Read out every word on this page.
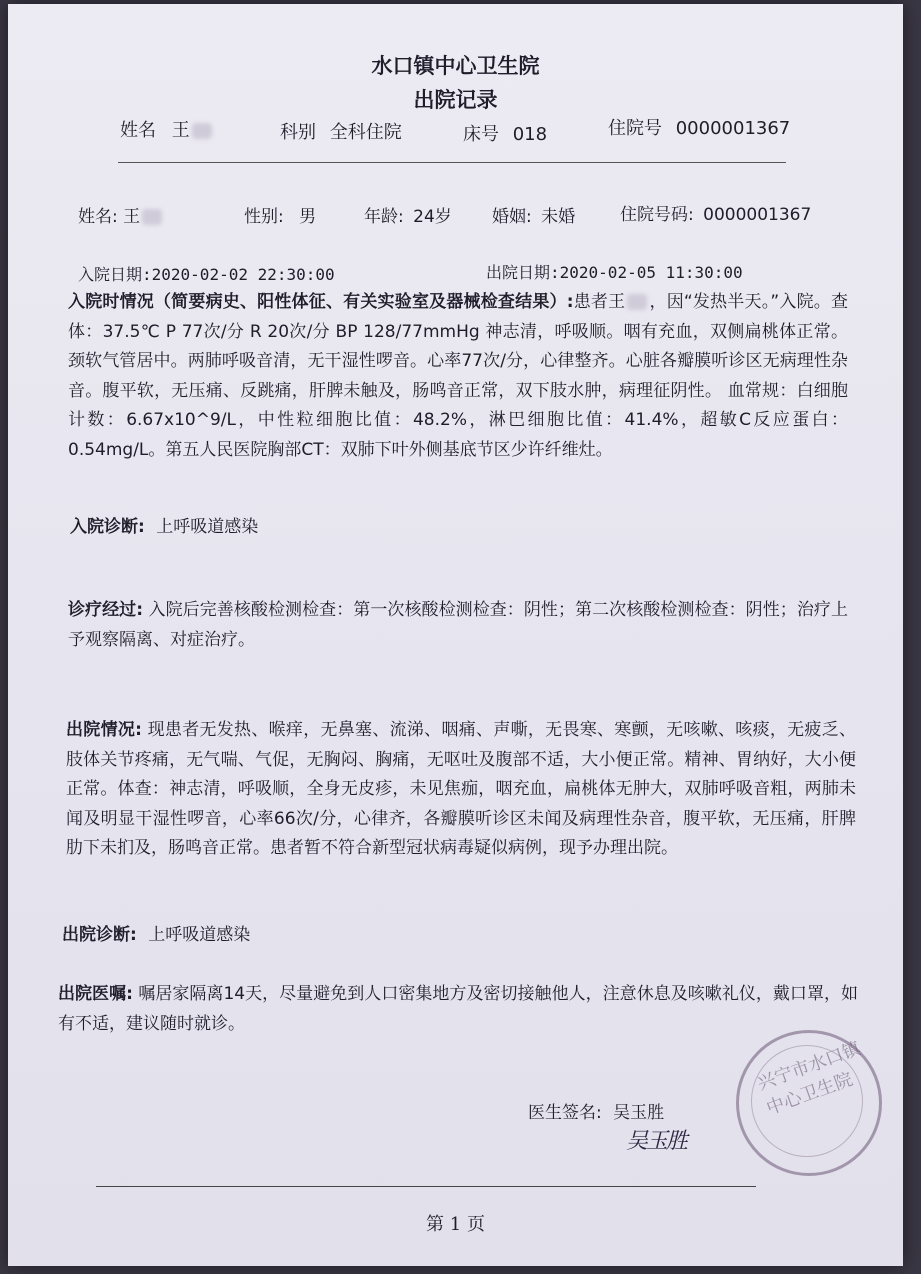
水口镇中心卫生院
出院记录
姓名 王	科别 全科住院	床号 018	住院号 0000001367
姓名: 王	性别: 男	年龄: 24岁 婚姻: 未婚	住院号码: 0000001367
入院日期:2020-02-02 22:30:00	出院日期:2020-02-05 11:30:00
入院时情况（简要病史、阳性体征、有关实验室及器械检查结果）:患者王 ，因“发热半天。”入院。查体：37.5℃ P 77次/分 R 20次/分 BP 128/77mmHg 神志清，呼吸顺。咽有充血，双侧扁桃体正常。颈软气管居中。两肺呼吸音清，无干湿性啰音。心率77次/分，心律整齐。心脏各瓣膜听诊区无病理性杂音。腹平软，无压痛、反跳痛，肝脾未触及，肠鸣音正常，双下肢水肿，病理征阴性。 血常规：白细胞计数：6.67x10^9/L，中性粒细胞比值：48.2%，淋巴细胞比值：41.4%，超敏C反应蛋白：0.54mg/L。第五人民医院胸部CT：双肺下叶外侧基底节区少许纤维灶。
入院诊断: 上呼吸道感染
诊疗经过: 入院后完善核酸检测检查：第一次核酸检测检查：阴性；第二次核酸检测检查：阴性；治疗上予观察隔离、对症治疗。
出院情况: 现患者无发热、喉痒，无鼻塞、流涕、咽痛、声嘶，无畏寒、寒颤，无咳嗽、咳痰，无疲乏、肢体关节疼痛，无气喘、气促，无胸闷、胸痛，无呕吐及腹部不适，大小便正常。精神、胃纳好，大小便正常。体查：神志清，呼吸顺，全身无皮疹，未见焦痂，咽充血，扁桃体无肿大，双肺呼吸音粗，两肺未闻及明显干湿性啰音，心率66次/分，心律齐，各瓣膜听诊区未闻及病理性杂音，腹平软，无压痛，肝脾肋下未扪及，肠鸣音正常。患者暂不符合新型冠状病毒疑似病例，现予办理出院。
出院诊断: 上呼吸道感染
出院医嘱: 嘱居家隔离14天，尽量避免到人口密集地方及密切接触他人，注意休息及咳嗽礼仪，戴口罩，如有不适，建议随时就诊。
医生签名: 吴玉胜
吴玉胜
兴宁市水口镇中心卫生院
第 1 页
